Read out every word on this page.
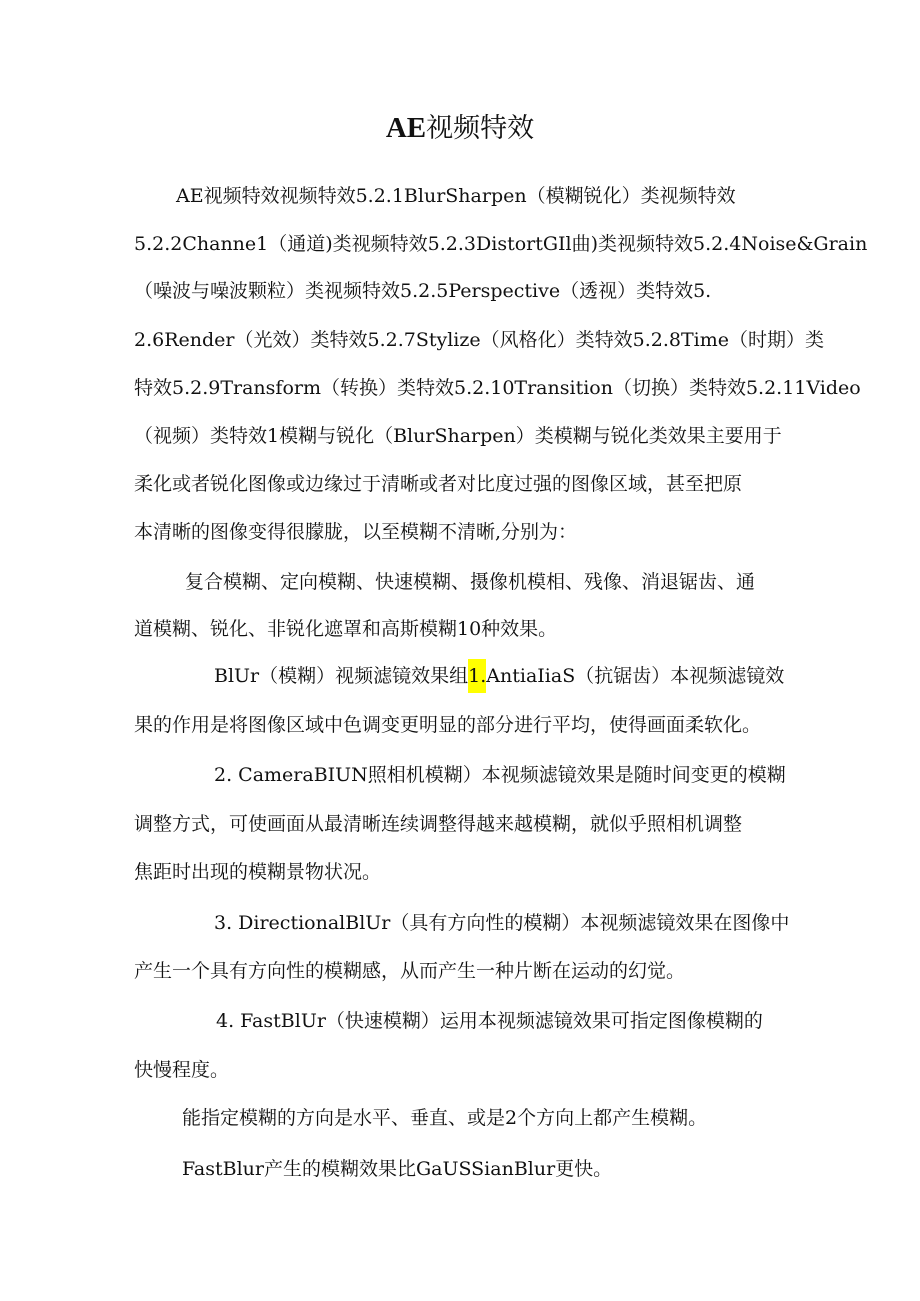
AE视频特效
AE视频特效视频特效5.2.1BlurSharpen（模糊锐化）类视频特效
5.2.2Channe1（通道)类视频特效5.2.3DistortGIl曲)类视频特效5.2.4Noise&Grain
（噪波与噪波颗粒）类视频特效5.2.5Perspective（透视）类特效5.
2.6Render（光效）类特效5.2.7Stylize（风格化）类特效5.2.8Time（时期）类
特效5.2.9Transform（转换）类特效5.2.10Transition（切换）类特效5.2.11Video
（视频）类特效1模糊与锐化（BlurSharpen）类模糊与锐化类效果主要用于
柔化或者锐化图像或边缘过于清晰或者对比度过强的图像区域，甚至把原
本清晰的图像变得很朦胧，以至模糊不清晰,分别为：
复合模糊、定向模糊、快速模糊、摄像机模相、残像、消退锯齿、通
道模糊、锐化、非锐化遮罩和高斯模糊10种效果。
BlUr（模糊）视频滤镜效果组1.AntiaIiaS（抗锯齿）本视频滤镜效
果的作用是将图像区域中色调变更明显的部分进行平均，使得画面柔软化。
2. CameraBIUN照相机模糊）本视频滤镜效果是随时间变更的模糊
调整方式，可使画面从最清晰连续调整得越来越模糊，就似乎照相机调整
焦距时出现的模糊景物状况。
3. DirectionalBlUr（具有方向性的模糊）本视频滤镜效果在图像中
产生一个具有方向性的模糊感，从而产生一种片断在运动的幻觉。
4. FastBlUr（快速模糊）运用本视频滤镜效果可指定图像模糊的
快慢程度。
能指定模糊的方向是水平、垂直、或是2个方向上都产生模糊。
FastBlur产生的模糊效果比GaUSSianBlur更快。
